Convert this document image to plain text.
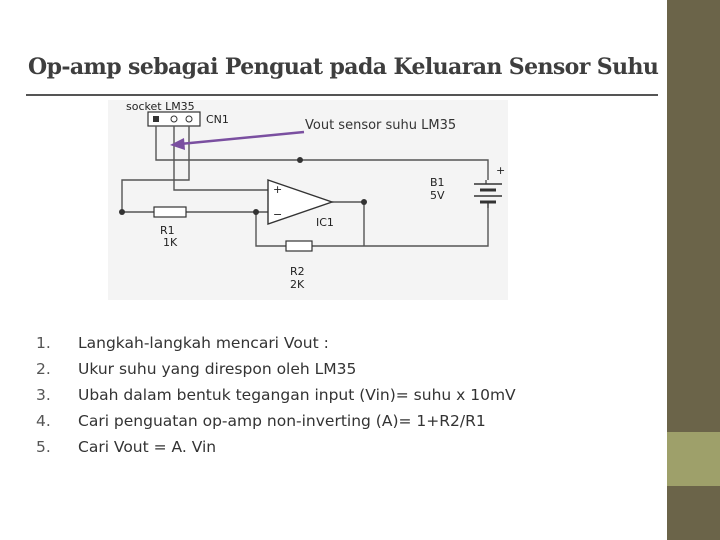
Op-amp sebagai Penguat pada Keluaran Sensor Suhu
socket LM35
CN1
R1
1K
R2
2K
+
−
IC1
+
B1
5V
Vout sensor suhu LM35
1. Langkah-langkah mencari Vout :
2. Ukur suhu yang direspon oleh LM35
3. Ubah dalam bentuk tegangan input (Vin)= suhu x 10mV
4. Cari penguatan op-amp non-inverting (A)= 1+R2/R1
5. Cari Vout = A. Vin
